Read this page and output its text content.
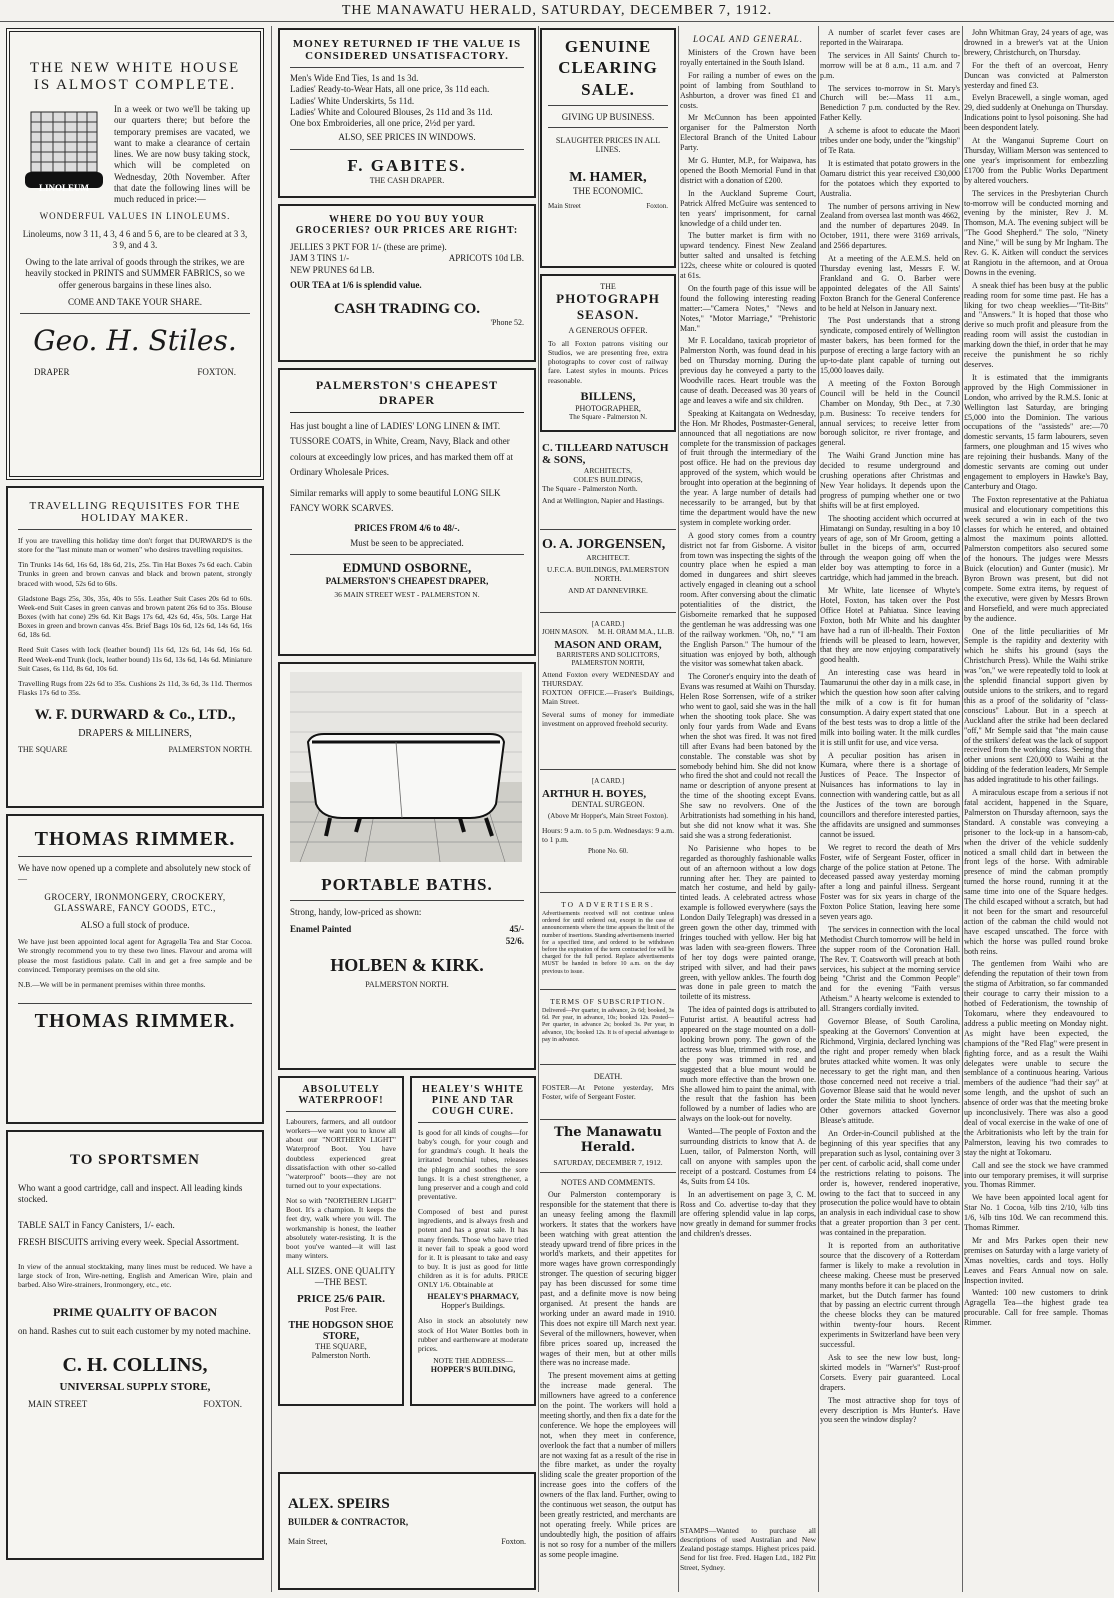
THE MANAWATU HERALD, SATURDAY, DECEMBER 7, 1912.
THE NEW WHITE HOUSE IS ALMOST COMPLETE.
LINOLEUM
In a week or two we'll be taking up our quarters there; but before the temporary premises are vacated, we want to make a clearance of certain lines. We are now busy taking stock, which will be completed on Wednesday, 20th November. After that date the following lines will be much reduced in price:—
WONDERFUL VALUES IN LINOLEUMS.
Linoleums, now 3 11, 4 3, 4 6 and 5 6, are to be cleared at 3 3, 3 9, and 4 3.
Owing to the late arrival of goods through the strikes, we are heavily stocked in PRINTS and SUMMER FABRICS, so we offer generous bargains in these lines also.
COME AND TAKE YOUR SHARE.
Geo. H. Stiles.
DRAPER	FOXTON.
TRAVELLING REQUISITES FOR THE HOLIDAY MAKER.
If you are travelling this holiday time don't forget that DURWARD'S is the store for the "last minute man or women" who desires travelling requisites.
Tin Trunks 14s 6d, 16s 6d, 18s 6d, 21s, 25s. Tin Hat Boxes 7s 6d each. Cabin Trunks in green and brown canvas and black and brown patent, strongly braced with wood, 52s 6d to 60s.
Gladstone Bags 25s, 30s, 35s, 40s to 55s. Leather Suit Cases 20s 6d to 60s. Week-end Suit Cases in green canvas and brown patent 26s 6d to 35s. Blouse Boxes (with hat cone) 29s 6d. Kit Bags 17s 6d, 42s 6d, 45s, 50s. Large Hat Boxes in green and brown canvas 45s. Brief Bags 10s 6d, 12s 6d, 14s 6d, 16s 6d, 18s 6d.
Reed Suit Cases with lock (leather bound) 11s 6d, 12s 6d, 14s 6d, 16s 6d. Reed Week-end Trunk (lock, leather bound) 11s 6d, 13s 6d, 14s 6d. Miniature Suit Cases, 6s 11d, 8s 6d, 10s 6d.
Travelling Rugs from 22s 6d to 35s. Cushions 2s 11d, 3s 6d, 3s 11d. Thermos Flasks 17s 6d to 35s.
W. F. DURWARD & Co., LTD.,
DRAPERS & MILLINERS,
THE SQUARE	PALMERSTON NORTH.
THOMAS RIMMER.
We have now opened up a complete and absolutely new stock of—
GROCERY, IRONMONGERY, CROCKERY, GLASSWARE, FANCY GOODS, ETC.,
ALSO a full stock of produce.
We have just been appointed local agent for Agragella Tea and Star Cocoa. We strongly recommend you to try these two lines. Flavour and aroma will please the most fastidious palate. Call in and get a free sample and be convinced. Temporary premises on the old site.
N.B.—We will be in permanent premises within three months.
THOMAS RIMMER.
TO SPORTSMEN
Who want a good cartridge, call and inspect. All leading kinds stocked.
TABLE SALT in Fancy Canisters, 1/- each.
FRESH BISCUITS arriving every week. Special Assortment.
In view of the annual stocktaking, many lines must be reduced. We have a large stock of Iron, Wire-netting, English and American Wire, plain and barbed. Also Wire-strainers, Ironmongery, etc., etc.
PRIME QUALITY OF BACON
on hand. Rashes cut to suit each customer by my noted machine.
C. H. COLLINS,
UNIVERSAL SUPPLY STORE,
MAIN STREET	FOXTON.
MONEY RETURNED IF THE VALUE IS CONSIDERED UNSATISFACTORY.
Men's Wide End Ties, 1s and 1s 3d.
Ladies' Ready-to-Wear Hats, all one price, 3s 11d each.
Ladies' White Underskirts, 5s 11d.
Ladies' White and Coloured Blouses, 2s 11d and 3s 11d.
One box Embroideries, all one price, 2½d per yard.
ALSO, SEE PRICES IN WINDOWS.
F. GABITES.
THE CASH DRAPER.
WHERE DO YOU BUY YOUR GROCERIES? OUR PRICES ARE RIGHT:
JELLIES 3 PKT FOR 1/- (these are prime).
JAM 3 TINS 1/-	APRICOTS 10d LB.
NEW PRUNES 6d LB.
OUR TEA at 1/6 is splendid value.
CASH TRADING CO.
'Phone 52.
PALMERSTON'S CHEAPEST DRAPER
Has just bought a line of LADIES' LONG LINEN & IMT. TUSSORE COATS, in White, Cream, Navy, Black and other colours at exceedingly low prices, and has marked them off at Ordinary Wholesale Prices.
Similar remarks will apply to some beautiful LONG SILK FANCY WORK SCARVES.
PRICES FROM 4/6 to 48/-.
Must be seen to be appreciated.
EDMUND OSBORNE,
PALMERSTON'S CHEAPEST DRAPER,
36 MAIN STREET WEST - PALMERSTON N.
PORTABLE BATHS.
Strong, handy, low-priced as shown:
Enamel Painted	45/-
52/6.
HOLBEN & KIRK.
PALMERSTON NORTH.
ABSOLUTELY WATERPROOF!
Labourers, farmers, and all outdoor workers—we want you to know all about our "NORTHERN LIGHT" Waterproof Boot. You have doubtless experienced great dissatisfaction with other so-called "waterproof" boots—they are not turned out to your expectations.
Not so with "NORTHERN LIGHT" Boot. It's a champion. It keeps the feet dry, walk where you will. The workmanship is honest, the leather absolutely water-resisting. It is the boot you've wanted—it will last many winters.
ALL SIZES. ONE QUALITY—THE BEST.
PRICE 25/6 PAIR.
Post Free.
THE HODGSON SHOE STORE,
THE SQUARE,
Palmerston North.
HEALEY'S WHITE PINE AND TAR COUGH CURE.
Is good for all kinds of coughs—for baby's cough, for your cough and for grandma's cough. It heals the irritated bronchial tubes, releases the phlegm and soothes the sore lungs. It is a chest strengthener, a lung preserver and a cough and cold preventative.
Composed of best and purest ingredients, and is always fresh and potent and has a great sale. It has many friends. Those who have tried it never fail to speak a good word for it. It is pleasant to take and easy to buy. It is just as good for little children as it is for adults. PRICE ONLY 1/6. Obtainable at
HEALEY'S PHARMACY,
Hopper's Buildings.
Also in stock an absolutely new stock of Hot Water Bottles both in rubber and earthenware at moderate prices.
NOTE THE ADDRESS—
HOPPER'S BUILDING,
GENUINE CLEARING SALE.
GIVING UP BUSINESS.
SLAUGHTER PRICES IN ALL LINES.
M. HAMER,
THE ECONOMIC.
Main Street	Foxton.
THE
PHOTOGRAPH SEASON.
A GENEROUS OFFER.
To all Foxton patrons visiting our Studios, we are presenting free, extra photographs to cover cost of railway fare. Latest styles in mounts. Prices reasonable.
BILLENS,
PHOTOGRAPHER,
The Square - Palmerston N.
C. TILLEARD NATUSCH & SONS,
ARCHITECTS,
COLE'S BUILDINGS,
The Square - Palmerston North.
And at Wellington, Napier and Hastings.
O. A. JORGENSEN,
ARCHITECT.
U.F.C.A. BUILDINGS, PALMERSTON NORTH.
AND AT DANNEVIRKE.
[A CARD.]
JOHN MASON. M. H. ORAM M.A., LL.B.
MASON AND ORAM,
BARRISTERS AND SOLICITORS, PALMERSTON NORTH,
Attend Foxton every WEDNESDAY and THURSDAY.
FOXTON OFFICE.—Fraser's Buildings, Main Street.
Several sums of money for immediate investment on approved freehold security.
[A CARD.]
ARTHUR H. BOYES,
DENTAL SURGEON.
(Above Mr Hopper's, Main Street Foxton).
Hours: 9 a.m. to 5 p.m. Wednesdays: 9 a.m. to 1 p.m.
Phone No. 60.
TO ADVERTISERS.
Advertisements received will not continue unless ordered for until ordered out, except in the case of announcements where the time appears the limit of the number of insertions. Standing advertisements inserted for a specified time, and ordered to be withdrawn before the expiration of the term contracted for will be charged for the full period. Replace advertisements MUST be handed in before 10 a.m. on the day previous to issue.
TERMS OF SUBSCRIPTION.
Delivered—Per quarter, in advance, 2s 6d; booked, 3s 6d. Per year, in advance, 10s; booked 12s. Posted—Per quarter, in advance 2s; booked 3s. Per year, in advance, 10s; booked 12s. It is of special advantage to pay in advance.
DEATH.
FOSTER—At Petone yesterday, Mrs Foster, wife of Sergeant Foster.
The Manawatu Herald.
SATURDAY, DECEMBER 7, 1912.
NOTES AND COMMENTS.
Our Palmerston contemporary is responsible for the statement that there is an uneasy feeling among the flaxmill workers. It states that the workers have been watching with great attention the steady upward trend of fibre prices in the world's markets, and their appetites for more wages have grown correspondingly stronger. The question of securing bigger pay has been discussed for some time past, and a definite move is now being organised. At present the hands are working under an award made in 1910. This does not expire till March next year. Several of the millowners, however, when fibre prices soared up, increased the wages of their men, but at other mills there was no increase made.
The present movement aims at getting the increase made general. The millowners have agreed to a conference on the point. The workers will hold a meeting shortly, and then fix a date for the conference. We hope the employees will not, when they meet in conference, overlook the fact that a number of millers are not waxing fat as a result of the rise in the fibre market, as under the royalty sliding scale the greater proportion of the increase goes into the coffers of the owners of the flax land. Further, owing to the continuous wet season, the output has been greatly restricted, and merchants are not operating freely. While prices are undoubtedly high, the position of affairs is not so rosy for a number of the millers as some people imagine.
LOCAL AND GENERAL.
Ministers of the Crown have been royally entertained in the South Island.
For railing a number of ewes on the point of lambing from Southland to Ashburton, a drover was fined £1 and costs.
Mr McCunnon has been appointed organiser for the Palmerston North Electoral Branch of the United Labour Party.
Mr G. Hunter, M.P., for Waipawa, has opened the Booth Memorial Fund in that district with a donation of £200.
In the Auckland Supreme Court, Patrick Alfred McGuire was sentenced to ten years' imprisonment, for carnal knowledge of a child under ten.
The butter market is firm with no upward tendency. Finest New Zealand butter salted and unsalted is fetching 122s, cheese white or coloured is quoted at 61s.
On the fourth page of this issue will be found the following interesting reading matter:—"Camera Notes," "News and Notes," "Motor Marriage," "Prehistoric Man."
Mr F. Localdano, taxicab proprietor of Palmerston North, was found dead in his bed on Thursday morning. During the previous day he conveyed a party to the Woodville races. Heart trouble was the cause of death. Deceased was 30 years of age and leaves a wife and six children.
Speaking at Kaitangata on Wednesday, the Hon. Mr Rhodes, Postmaster-General, announced that all negotiations are now complete for the transmission of packages of fruit through the intermediary of the post office. He had on the previous day approved of the system, which would be brought into operation at the beginning of the year. A large number of details had necessarily to be arranged, but by that time the department would have the new system in complete working order.
A good story comes from a country district not far from Gisborne. A visitor from town was inspecting the sights of the country place when he espied a man domed in dungarees and shirt sleeves actively engaged in cleaning out a school room. After conversing about the climatic potentialities of the district, the Gisborneite remarked that he supposed the gentleman he was addressing was one of the railway workmen. "Oh, no," "I am the English Parson." The humour of the situation was enjoyed by both, although the visitor was somewhat taken aback.
The Coroner's enquiry into the death of Evans was resumed at Waihi on Thursday. Helen Rose Sorrensen, wife of a striker who went to gaol, said she was in the hall when the shooting took place. She was only four yards from Wade and Evans when the shot was fired. It was not fired till after Evans had been batoned by the constable. The constable was shot by somebody behind him. She did not know who fired the shot and could not recall the name or description of anyone present at the time of the shooting except Evans. She saw no revolvers. One of the Arbitrationists had something in his hand, but she did not know what it was. She said she was a strong federationist.
No Parisienne who hopes to be regarded as thoroughly fashionable walks out of an afternoon without a low dogs running after her. They are painted to match her costume, and held by gaily-tinted leads. A celebrated actress whose example is followed everywhere (says the London Daily Telegraph) was dressed in a green gown the other day, trimmed with fringes touched with yellow. Her big hat was laden with sea-green flowers. Three of her toy dogs were painted orange, striped with silver, and had their paws green, with yellow ankles. The fourth dog was done in pale green to match the toilette of its mistress.
The idea of painted dogs is attributed to Futurist artist. A beautiful actress had appeared on the stage mounted on a doll-looking brown pony. The gown of the actress was blue, trimmed with rose, and the pony was trimmed in red and suggested that a blue mount would be much more effective than the brown one. She allowed him to paint the animal, with the result that the fashion has been followed by a number of ladies who are always on the look-out for novelty.
Wanted—The people of Foxton and the surrounding districts to know that A. de Luen, tailor, of Palmerston North, will call on anyone with samples upon the receipt of a postcard. Costumes from £4 4s, Suits from £4 10s.
In an advertisement on page 3, C. M. Ross and Co. advertise to-day that they are offering splendid value in lap corps, now greatly in demand for summer frocks and children's dresses.
A number of scarlet fever cases are reported in the Wairarapa.
The services in All Saints' Church to-morrow will be at 8 a.m., 11 a.m. and 7 p.m.
The services to-morrow in St. Mary's Church will be:—Mass 11 a.m., Benediction 7 p.m. conducted by the Rev. Father Kelly.
A scheme is afoot to educate the Maori tribes under one body, under the "kingship" of Te Rata.
It is estimated that potato growers in the Oamaru district this year received £30,000 for the potatoes which they exported to Australia.
The number of persons arriving in New Zealand from oversea last month was 4662, and the number of departures 2049. In October, 1911, there were 3169 arrivals, and 2566 departures.
At a meeting of the A.E.M.S. held on Thursday evening last, Messrs F. W. Frankland and G. O. Barber were appointed delegates of the All Saints' Foxton Branch for the General Conference to be held at Nelson in January next.
The Post understands that a strong syndicate, composed entirely of Wellington master bakers, has been formed for the purpose of erecting a large factory with an up-to-date plant capable of turning out 15,000 loaves daily.
A meeting of the Foxton Borough Council will be held in the Council Chamber on Monday, 9th Dec., at 7.30 p.m. Business: To receive tenders for annual services; to receive letter from borough solicitor, re river frontage, and general.
The Waihi Grand Junction mine has decided to resume underground and crushing operations after Christmas and New Year holidays. It depends upon the progress of pumping whether one or two shifts will be at first employed.
The shooting accident which occurred at Himatangi on Sunday, resulting in a boy 10 years of age, son of Mr Groom, getting a bullet in the biceps of arm, occurred through the weapon going off when the elder boy was attempting to force in a cartridge, which had jammed in the breach.
Mr White, late licensee of Whyte's Hotel, Foxton, has taken over the Post Office Hotel at Pahiatua. Since leaving Foxton, both Mr White and his daughter have had a run of ill-health. Their Foxton friends will be pleased to learn, however, that they are now enjoying comparatively good health.
An interesting case was heard in Taumarunui the other day in a milk case, in which the question how soon after calving the milk of a cow is fit for human consumption. A dairy expert stated that one of the best tests was to drop a little of the milk into boiling water. It the milk curdles it is still unfit for use, and vice versa.
A peculiar position has arisen in Kumara, where there is a shortage of Justices of Peace. The Inspector of Nuisances has informations to lay in connection with wandering cattle, but as all the Justices of the town are borough councillors and therefore interested parties, the affidavits are unsigned and summonses cannot be issued.
We regret to record the death of Mrs Foster, wife of Sergeant Foster, officer in charge of the police station at Petone. The deceased passed away yesterday morning after a long and painful illness. Sergeant Foster was for six years in charge of the Foxton Police Station, leaving here some seven years ago.
The services in connection with the local Methodist Church tomorrow will be held in the supper room of the Coronation Hall. The Rev. T. Coatsworth will preach at both services, his subject at the morning service being "Christ and the Common People" and for the evening "Faith versus Atheism." A hearty welcome is extended to all. Strangers cordially invited.
Governor Blease, of South Carolina, speaking at the Governors' Convention at Richmond, Virginia, declared lynching was the right and proper remedy when black brutes attacked white women. It was only necessary to get the right man, and then those concerned need not receive a trial. Governor Blease said that he would never order the State militia to shoot lynchers. Other governors attacked Governor Blease's attitude.
An Order-in-Council published at the beginning of this year specifies that any preparation such as lysol, containing over 3 per cent. of carbolic acid, shall come under the restrictions relating to poisons. The order is, however, rendered inoperative, owing to the fact that to succeed in any prosecution the police would have to obtain an analysis in each individual case to show that a greater proportion than 3 per cent. was contained in the preparation.
It is reported from an authoritative source that the discovery of a Rotterdam farmer is likely to make a revolution in cheese making. Cheese must be preserved many months before it can be placed on the market, but the Dutch farmer has found that by passing an electric current through the cheese blocks they can be matured within twenty-four hours. Recent experiments in Switzerland have been very successful.
Ask to see the new low bust, long-skirted models in "Warner's" Rust-proof Corsets. Every pair guaranteed. Local drapers.
The most attractive shop for toys of every description is Mrs Hunter's. Have you seen the window display?
John Whitman Gray, 24 years of age, was drowned in a brewer's vat at the Union brewery, Christchurch, on Thursday.
For the theft of an overcoat, Henry Duncan was convicted at Palmerston yesterday and fined £3.
Evelyn Bracewell, a single woman, aged 29, died suddenly at Onehunga on Thursday. Indications point to lysol poisoning. She had been despondent lately.
At the Wanganui Supreme Court on Thursday, William Merson was sentenced to one year's imprisonment for embezzling £1700 from the Public Works Department by altered vouchers.
The services in the Presbyterian Church to-morrow will be conducted morning and evening by the minister, Rev J. M. Thomson, M.A. The evening subject will be "The Good Shepherd." The solo, "Ninety and Nine," will be sung by Mr Ingham. The Rev. G. K. Aitken will conduct the services at Rangiotu in the afternoon, and at Oroua Downs in the evening.
A sneak thief has been busy at the public reading room for some time past. He has a liking for two cheap weeklies—"Tit-Bits" and "Answers." It is hoped that those who derive so much profit and pleasure from the reading room will assist the custodian in marking down the thief, in order that he may receive the punishment he so richly deserves.
It is estimated that the immigrants approved by the High Commissioner in London, who arrived by the R.M.S. Ionic at Wellington last Saturday, are bringing £5,000 into the Dominion. The various occupations of the "assisteds" are:—70 domestic servants, 15 farm labourers, seven farmers, one ploughman and 15 wives who are rejoining their husbands. Many of the domestic servants are coming out under engagement to employers in Hawke's Bay, Canterbury and Otago.
The Foxton representative at the Pahiatua musical and elocutionary competitions this week secured a win in each of the two classes for which he entered, and obtained almost the maximum points allotted. Palmerston competitors also secured some of the honours. The judges were Messrs Buick (elocution) and Gunter (music). Mr Byron Brown was present, but did not compete. Some extra items, by request of the executive, were given by Messrs Brown and Horsefield, and were much appreciated by the audience.
One of the little peculiarities of Mr Semple is the rapidity and dexterity with which he shifts his ground (says the Christchurch Press). While the Waihi strike was "on," we were repeatedly told to look at the splendid financial support given by outside unions to the strikers, and to regard this as a proof of the solidarity of "class-conscious" Labour. But in a speech at Auckland after the strike had been declared "off," Mr Semple said that "the main cause of the strikers' defeat was the lack of support received from the working class. Seeing that other unions sent £20,000 to Waihi at the bidding of the federation leaders, Mr Semple has added ingratitude to his other failings.
A miraculous escape from a serious if not fatal accident, happened in the Square, Palmerston on Thursday afternoon, says the Standard. A constable was conveying a prisoner to the lock-up in a hansom-cab, when the driver of the vehicle suddenly noticed a small child dart in between the front legs of the horse. With admirable presence of mind the cabman promptly turned the horse round, running it at the same time into one of the Square hedges. The child escaped without a scratch, but had it not been for the smart and resourceful action of the cabman the child would not have escaped unscathed. The force with which the horse was pulled round broke both reins.
The gentlemen from Waihi who are defending the reputation of their town from the stigma of Arbitration, so far commanded their courage to carry their mission to a hotbed of Federationism, the township of Tokomaru, where they endeavoured to address a public meeting on Monday night. As might have been expected, the champions of the "Red Flag" were present in fighting force, and as a result the Waihi delegates were unable to secure the semblance of a continuous hearing. Various members of the audience "had their say" at some length, and the upshot of such an absence of order was that the meeting broke up inconclusively. There was also a good deal of vocal exercise in the wake of one of the Arbitrationists who left by the train for Palmerston, leaving his two comrades to stay the night at Tokomaru.
Call and see the stock we have crammed into our temporary premises, it will surprise you. Thomas Rimmer.
We have been appointed local agent for Star No. 1 Cocoa, ½lb tins 2/10, ¼lb tins 1/6, ⅛lb tins 10d. We can recommend this. Thomas Rimmer.
Mr and Mrs Parkes open their new premises on Saturday with a large variety of Xmas novelties, cards and toys. Holly Leaves and Fears Annual now on sale. Inspection invited.
Wanted: 100 new customers to drink Agragella Tea—the highest grade tea procurable. Call for free sample. Thomas Rimmer.
ALEX. SPEIRS
BUILDER & CONTRACTOR,
Main Street,	Foxton.
STAMPS—Wanted to purchase all descriptions of used Australian and New Zealand postage stamps. Highest prices paid. Send for list free. Fred. Hagen Ltd., 182 Pitt Street, Sydney.
